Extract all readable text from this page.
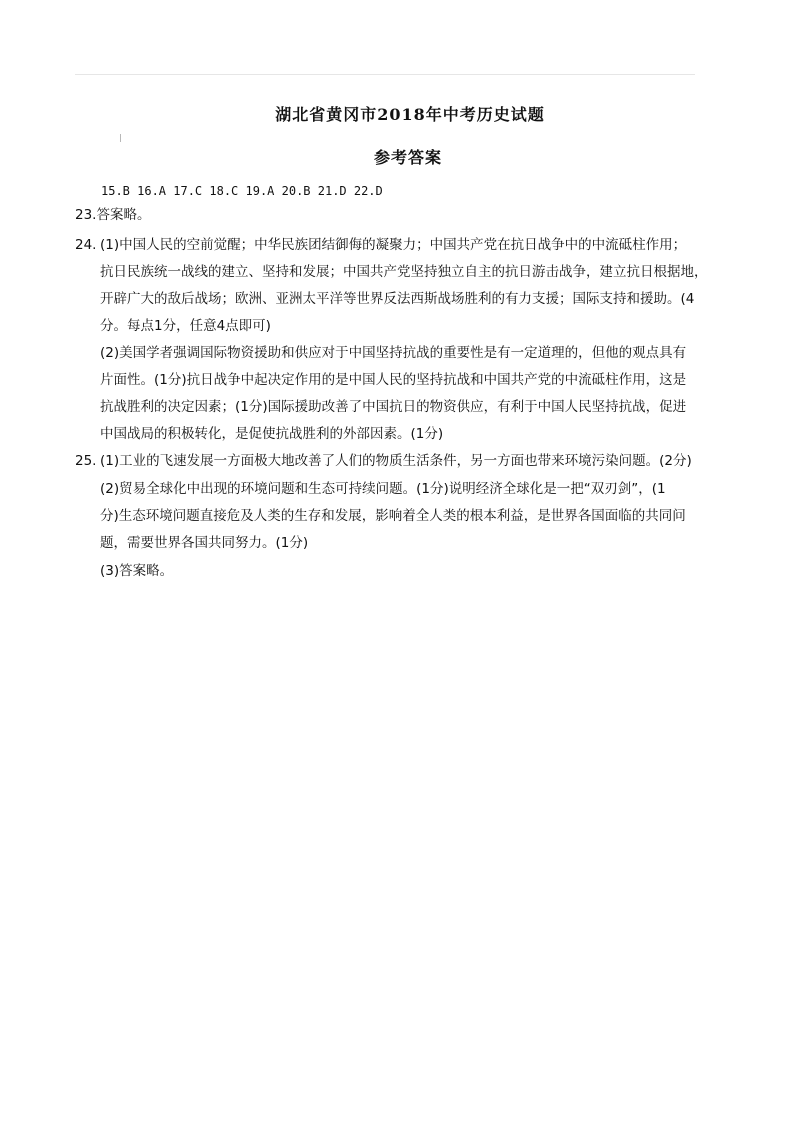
湖北省黄冈市2018年中考历史试题
参考答案
15.B 16.A 17.C 18.C 19.A 20.B 21.D 22.D
23.答案略。
24. (1)中国人民的空前觉醒；中华民族团结御侮的凝聚力；中国共产党在抗日战争中的中流砥柱作用；
抗日民族统一战线的建立、坚持和发展；中国共产党坚持独立自主的抗日游击战争，建立抗日根据地，
开辟广大的敌后战场；欧洲、亚洲太平洋等世界反法西斯战场胜利的有力支援；国际支持和援助。(4
分。每点1分，任意4点即可)
(2)美国学者强调国际物资援助和供应对于中国坚持抗战的重要性是有一定道理的，但他的观点具有
片面性。(1分)抗日战争中起决定作用的是中国人民的坚持抗战和中国共产党的中流砥柱作用，这是
抗战胜利的决定因素；(1分)国际援助改善了中国抗日的物资供应，有利于中国人民坚持抗战，促进
中国战局的积极转化，是促使抗战胜利的外部因素。(1分)
25. (1)工业的飞速发展一方面极大地改善了人们的物质生活条件，另一方面也带来环境污染问题。(2分)
(2)贸易全球化中出现的环境问题和生态可持续问题。(1分)说明经济全球化是一把“双刃剑”，(1
分)生态环境问题直接危及人类的生存和发展，影响着全人类的根本利益，是世界各国面临的共同问
题，需要世界各国共同努力。(1分)
(3)答案略。
